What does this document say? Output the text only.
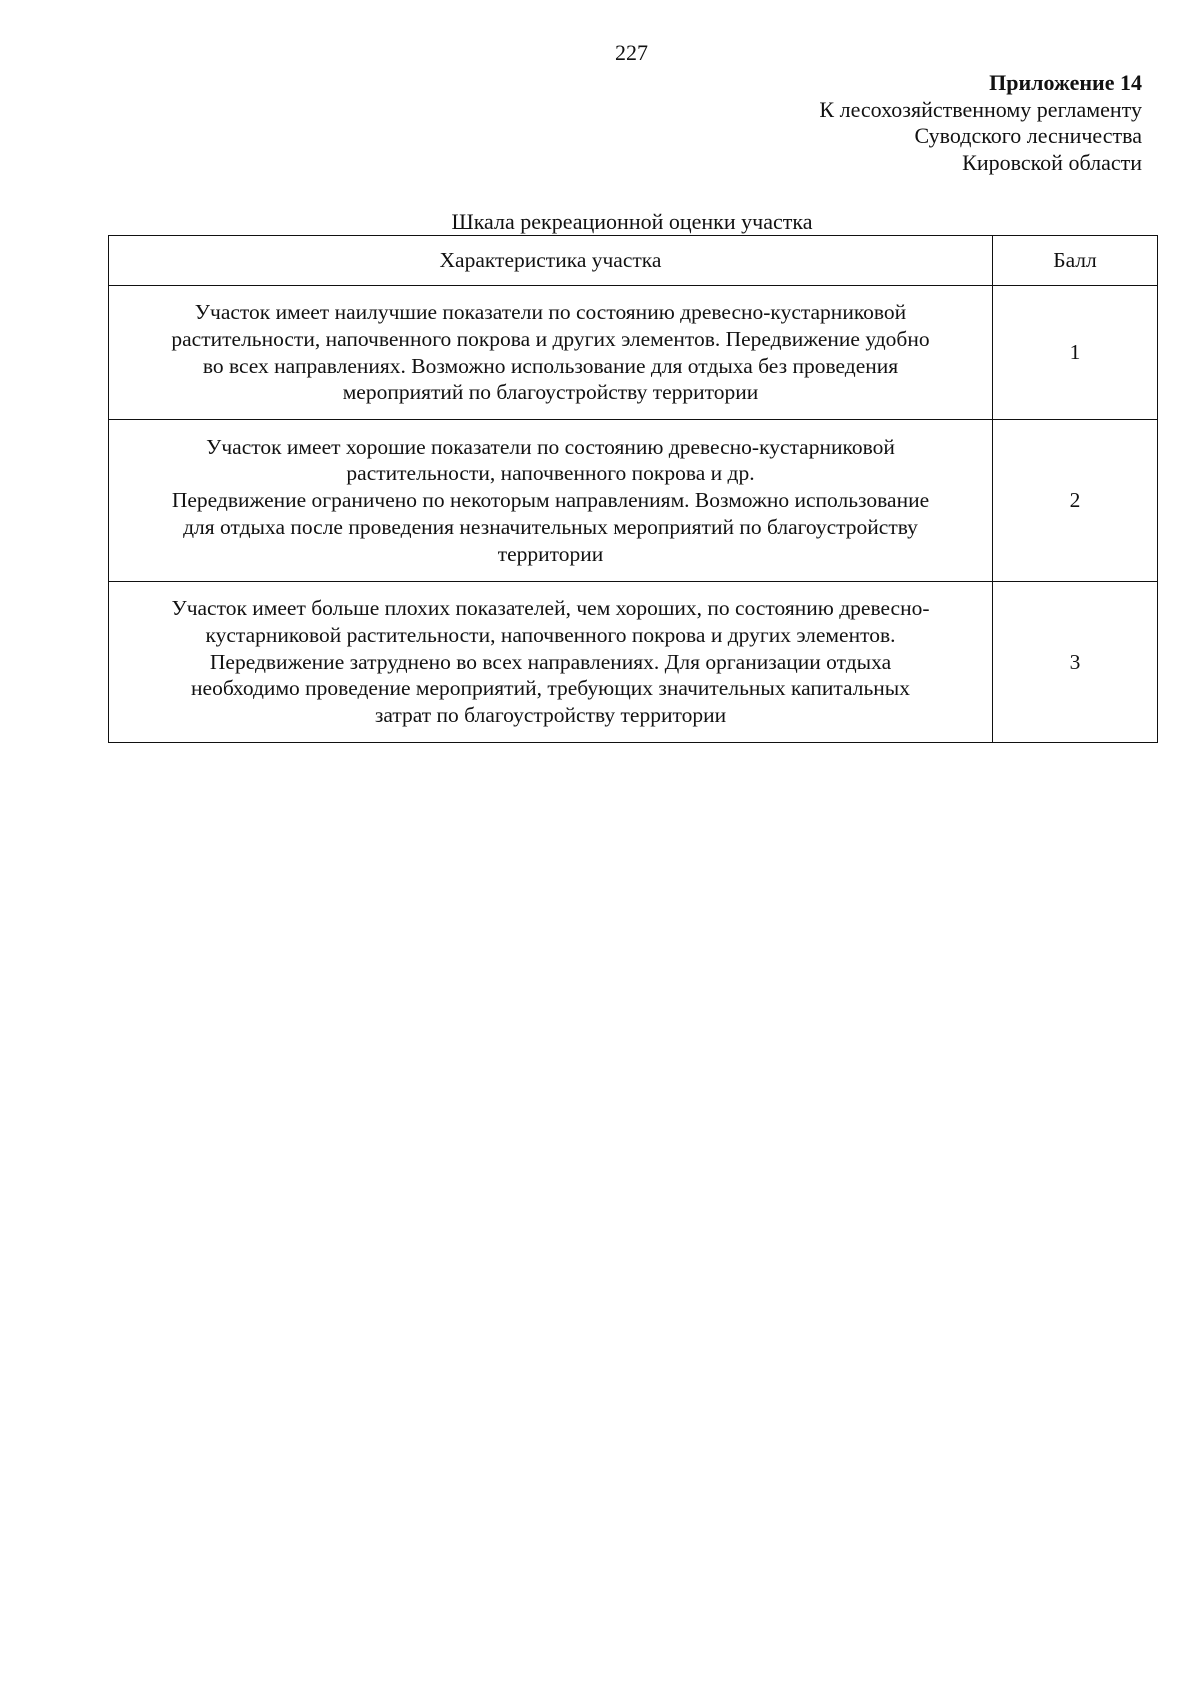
227
Приложение 14
К лесохозяйственному регламенту
Суводского лесничества
Кировской области
Шкала рекреационной оценки участка
Характеристика участка	Балл

Участок имеет наилучшие показатели по состоянию древесно-кустарниковой
растительности, напочвенного покрова и других элементов. Передвижение удобно
во всех направлениях. Возможно использование для отдыха без проведения
мероприятий по благоустройству территории	1

Участок имеет хорошие показатели по состоянию древесно-кустарниковой
растительности, напочвенного покрова и др.
Передвижение ограничено по некоторым направлениям. Возможно использование
для отдыха после проведения незначительных мероприятий по благоустройству
территории	2

Участок имеет больше плохих показателей, чем хороших, по состоянию древесно-
кустарниковой растительности, напочвенного покрова и других элементов.
Передвижение затруднено во всех направлениях. Для организации отдыха
необходимо проведение мероприятий, требующих значительных капитальных
затрат по благоустройству территории	3
